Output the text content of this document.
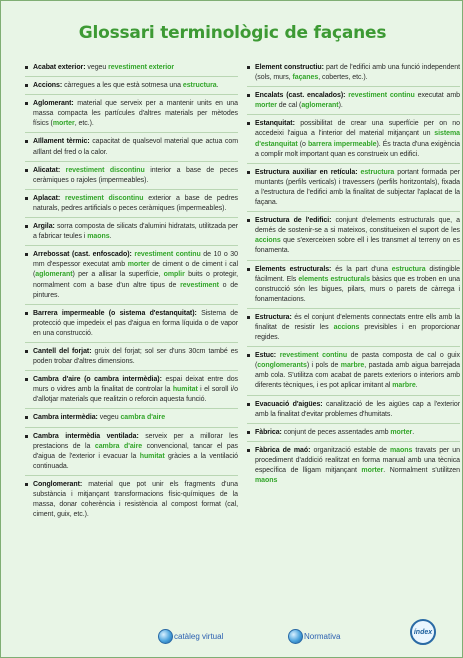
Glossari terminològic de façanes

Acabat exterior: vegeu revestiment exterior

Accions: càrregues a les que està sotmesa una estructura.

Aglomerant: material que serveix per a mantenir units en una massa compacta les partícules d'altres materials per mètodes físics (morter, etc.).

Aïllament tèrmic: capacitat de qualsevol material que actua com aïllant del fred o la calor.

Alicatat: revestiment discontinu interior a base de peces ceràmiques o rajoles (impermeables).

Aplacat: revestiment discontinu exterior a base de pedres naturals, pedres artificials o peces ceràmiques (impermeables).

Argila: sorra composta de silicats d'alumini hidratats, utilitzada per a fabricar teules i maons.

Arrebossat (cast. enfoscado): revestiment continu de 10 o 30 mm d'espessor executat amb morter de ciment o de ciment i cal (aglomerant) per a allisar la superfície, omplir buits o protegir, normalment com a base d'un altre tipus de revestiment o de pintures.

Barrera impermeable (o sistema d'estanquitat): Sistema de protecció que impedeix el pas d'aigua en forma líquida o de vapor en una construcció.

Cantell del forjat: gruix del forjat; sol ser d'uns 30cm també es poden trobar d'altres dimensions.

Cambra d'aire (o cambra intermèdia): espai deixat entre dos murs o vidres amb la finalitat de controlar la humitat i el soroll i/o d'allotjar materials que realitzin o reforcin aquesta funció.

Cambra intermèdia: vegeu cambra d'aire

Cambra intermèdia ventilada: serveix per a millorar les prestacions de la cambra d'aire convencional, tancar el pas d'aigua de l'exterior i evacuar la humitat gràcies a la ventilació continuada.

Conglomerant: material que pot unir els fragments d'una substància i mitjançant transformacions físic-químiques de la massa, donar coherència i resistència al compost format (cal, ciment, guix, etc.).

Element constructiu: part de l'edifici amb una funció independent (sols, murs, façanes, cobertes, etc.).

Encalats (cast. encalados): revestiment continu executat amb morter de cal (aglomerant).

Estanquitat: possibilitat de crear una superfície per on no accedeixi l'aigua a l'interior del material mitjançant un sistema d'estanquitat (o barrera impermeable). És tracta d'una exigència a complir molt important quan es construeix un edifici.

Estructura auxiliar en retícula: estructura portant formada per muntants (perfils verticals) i travessers (perfils horitzontals), fixada a l'estructura de l'edifici amb la finalitat de subjectar l'aplacat de la façana.

Estructura de l'edifici: conjunt d'elements estructurals que, a demés de sostenir-se a si mateixos, constitueixen el suport de les accions que s'exerceixen sobre ell i les transmet al terreny on es fonamenta.

Elements estructurals: és la part d'una estructura distingible fàcilment. Els elements estructurals bàsics que es troben en una construcció són les bigues, pilars, murs o parets de càrrega i fonamentacions.

Estructura: és el conjunt d'elements connectats entre ells amb la finalitat de resistir les accions previsibles i en proporcionar regides.

Estuc: revestiment continu de pasta composta de cal o guix (conglomerants) i pols de marbre, pastada amb aigua barrejada amb cola. S'utilitza com acabat de parets exteriors o interiors amb diferents tècniques, i es pot aplicar imitant al marbre.

Evacuació d'aigües: canalització de les aigües cap a l'exterior amb la finalitat d'evitar problemes d'humitats.

Fàbrica: conjunt de peces assentades amb morter.

Fàbrica de maó: organització estable de maons travats per un procediment d'addició realitzat en forma manual amb una tècnica específica de lligam mitjançant morter. Normalment s'utilitzen maons

catàleg virtual	Normativa	índex
